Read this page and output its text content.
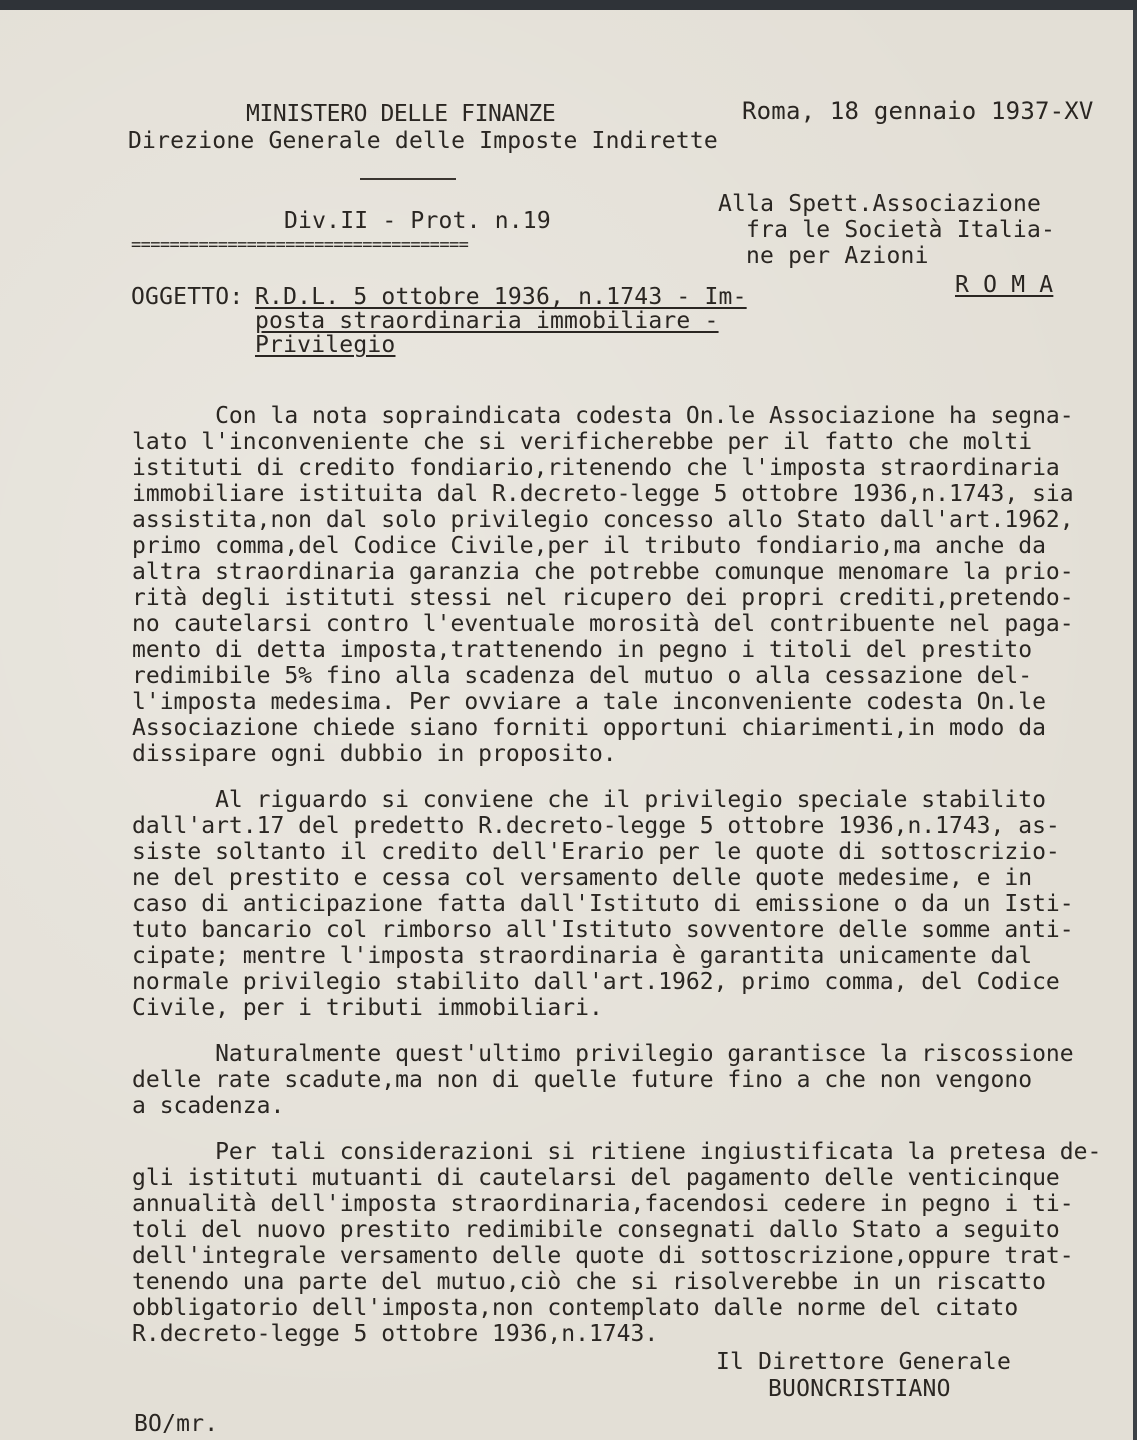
MINISTERO DELLE FINANZE
Direzione Generale delle Imposte Indirette
Roma, 18 gennaio 1937-XV
Div.II - Prot. n.19
===================================
Alla Spett.Associazione
fra le Società Italia-
ne per Azioni
R O M A
OGGETTO: R.D.L. 5 ottobre 1936, n.1743 - Im-
posta straordinaria immobiliare -
Privilegio
Con la nota sopraindicata codesta On.le Associazione ha segna-
lato l'inconveniente che si verificherebbe per il fatto che molti
istituti di credito fondiario,ritenendo che l'imposta straordinaria
immobiliare istituita dal R.decreto-legge 5 ottobre 1936,n.1743, sia
assistita,non dal solo privilegio concesso allo Stato dall'art.1962,
primo comma,del Codice Civile,per il tributo fondiario,ma anche da
altra straordinaria garanzia che potrebbe comunque menomare la prio-
rità degli istituti stessi nel ricupero dei propri crediti,pretendo-
no cautelarsi contro l'eventuale morosità del contribuente nel paga-
mento di detta imposta,trattenendo in pegno i titoli del prestito
redimibile 5% fino alla scadenza del mutuo o alla cessazione del-
l'imposta medesima. Per ovviare a tale inconveniente codesta On.le
Associazione chiede siano forniti opportuni chiarimenti,in modo da
dissipare ogni dubbio in proposito.
Al riguardo si conviene che il privilegio speciale stabilito
dall'art.17 del predetto R.decreto-legge 5 ottobre 1936,n.1743, as-
siste soltanto il credito dell'Erario per le quote di sottoscrizio-
ne del prestito e cessa col versamento delle quote medesime, e in
caso di anticipazione fatta dall'Istituto di emissione o da un Isti-
tuto bancario col rimborso all'Istituto sovventore delle somme anti-
cipate; mentre l'imposta straordinaria è garantita unicamente dal
normale privilegio stabilito dall'art.1962, primo comma, del Codice
Civile, per i tributi immobiliari.
Naturalmente quest'ultimo privilegio garantisce la riscossione
delle rate scadute,ma non di quelle future fino a che non vengono
a scadenza.
Per tali considerazioni si ritiene ingiustificata la pretesa de-
gli istituti mutuanti di cautelarsi del pagamento delle venticinque
annualità dell'imposta straordinaria,facendosi cedere in pegno i ti-
toli del nuovo prestito redimibile consegnati dallo Stato a seguito
dell'integrale versamento delle quote di sottoscrizione,oppure trat-
tenendo una parte del mutuo,ciò che si risolverebbe in un riscatto
obbligatorio dell'imposta,non contemplato dalle norme del citato
R.decreto-legge 5 ottobre 1936,n.1743.
Il Direttore Generale
BUONCRISTIANO
BO/mr.
